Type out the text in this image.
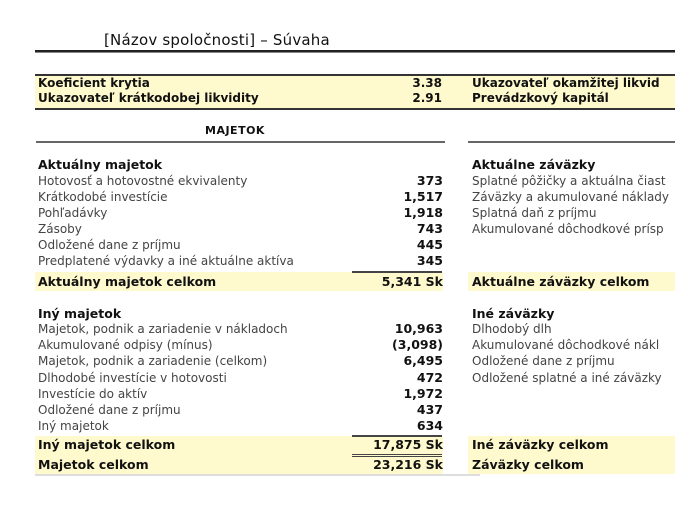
[Názov spoločnosti] – Súvaha
Koeficient krytia	3.38
Ukazovateľ krátkodobej likvidity	2.91
Ukazovateľ okamžitej likvid
Prevádzkový kapitál
MAJETOK
Aktuálny majetok
Hotovosť a hotovostné ekvivalenty	373
Krátkodobé investície	1,517
Pohľadávky	1,918
Zásoby	743
Odložené dane z príjmu	445
Predplatené výdavky a iné aktuálne aktíva	345
Aktuálny majetok celkom	5,341 Sk
Aktuálne záväzky
Splatné pôžičky a aktuálna čiast
Záväzky a akumulované náklady
Splatná daň z príjmu
Akumulované dôchodkové prísp
Aktuálne záväzky celkom
Iný majetok
Majetok, podnik a zariadenie v nákladoch	10,963
Akumulované odpisy (mínus)	(3,098)
Majetok, podnik a zariadenie (celkom)	6,495
Dlhodobé investície v hotovosti	472
Investície do aktív	1,972
Odložené dane z príjmu	437
Iný majetok	634
Iný majetok celkom	17,875 Sk
Majetok celkom	23,216 Sk
Iné záväzky
Dlhodobý dlh
Akumulované dôchodkové nákl
Odložené dane z príjmu
Odložené splatné a iné záväzky
Iné záväzky celkom
Záväzky celkom
